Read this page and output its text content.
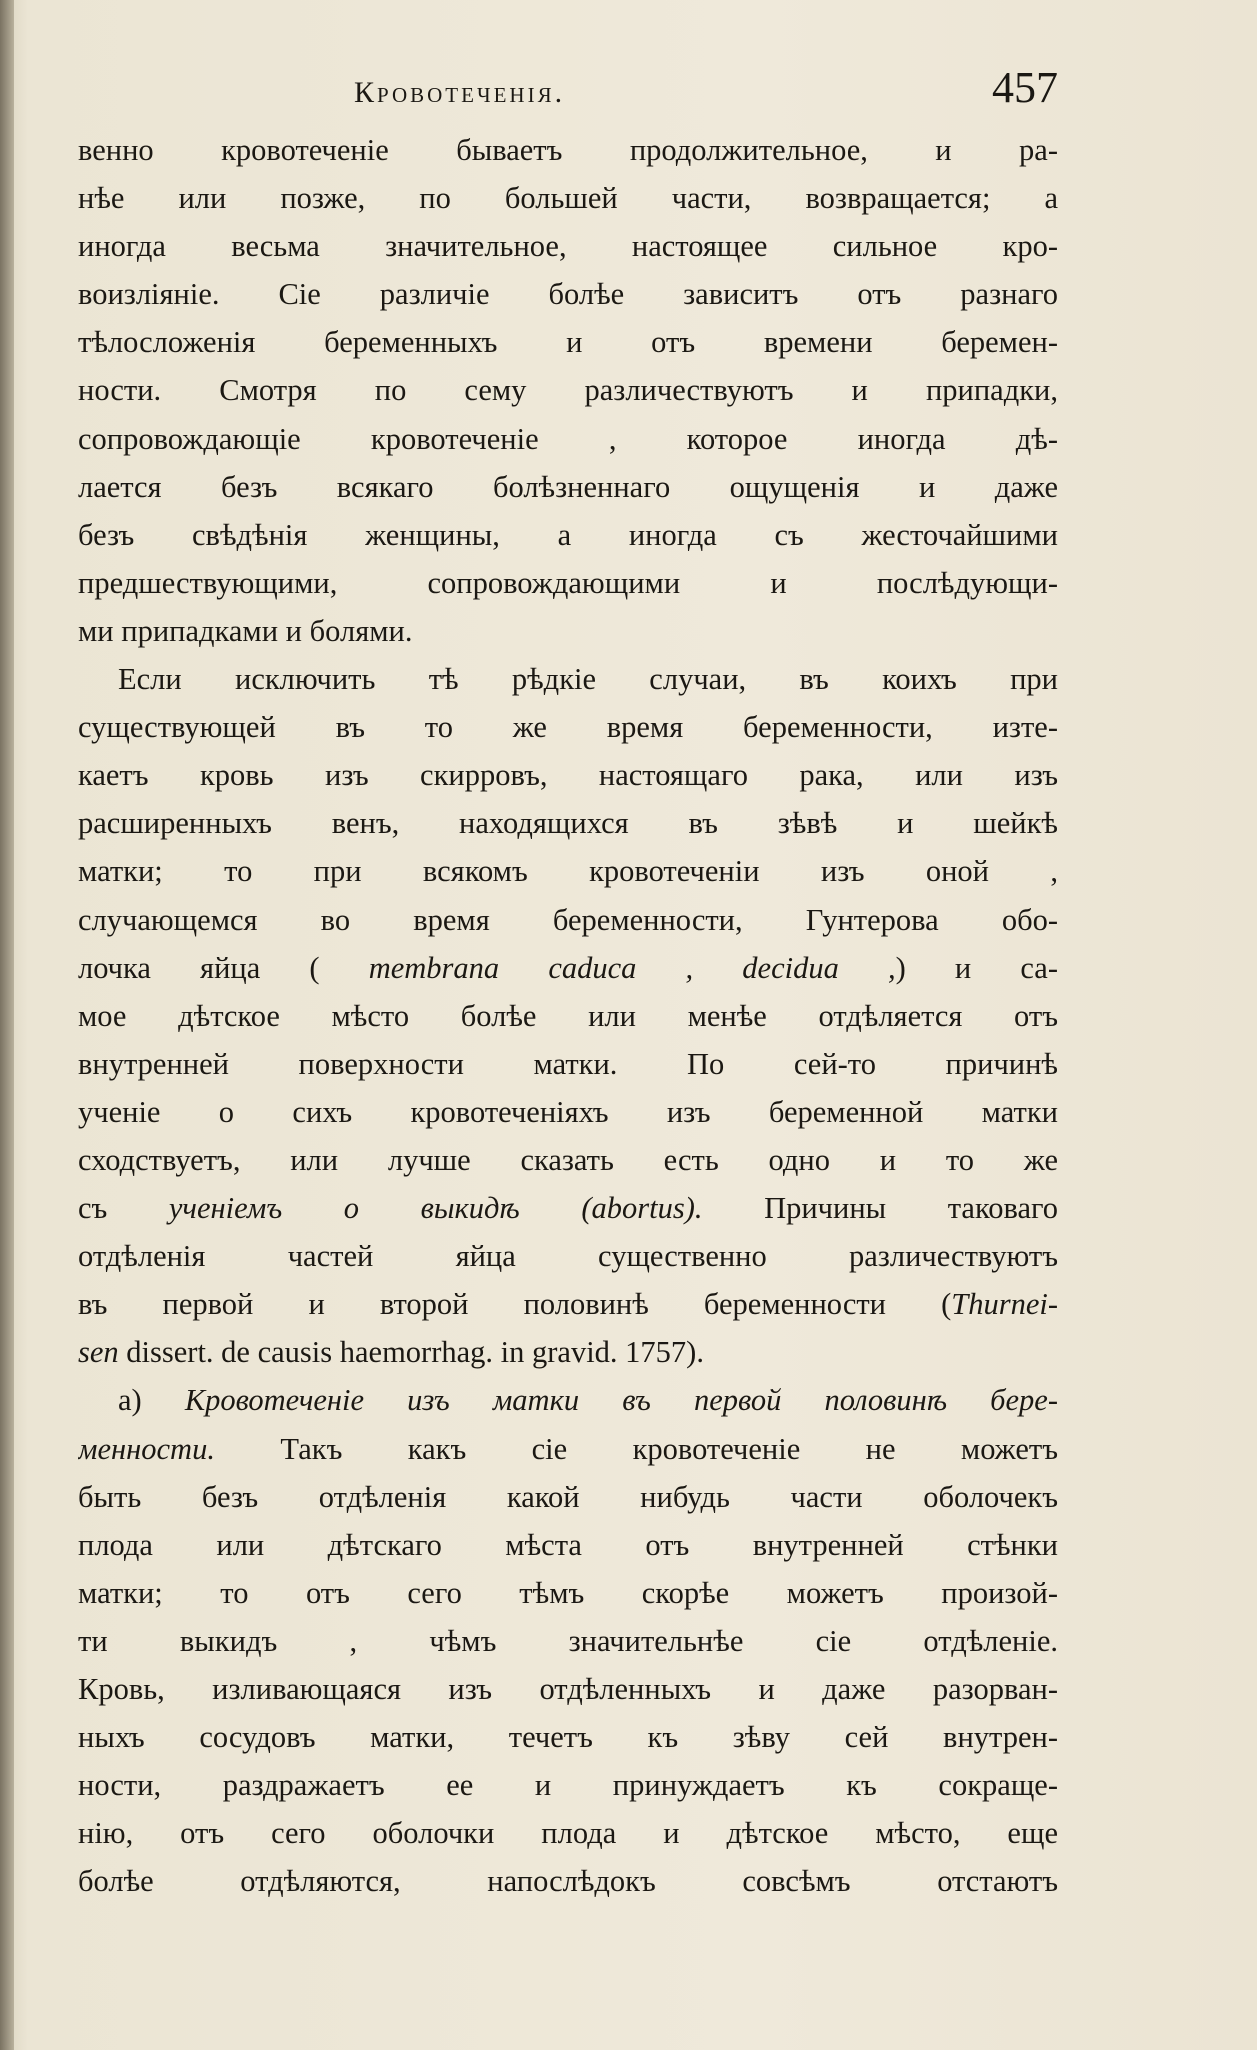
Кровотеченія.	457
венно кровотеченіе бываетъ продолжительное, и ра-
нѣе или позже, по большей части, возвращается; а
иногда весьма значительное, настоящее сильное кро-
воизліяніе. Сіе различіе болѣе зависитъ отъ разнаго
тѣлосложенія беременныхъ и отъ времени беремен-
ности. Смотря по сему различествуютъ и припадки,
сопровождающіе кровотеченіе , которое иногда дѣ-
лается безъ всякаго болѣзненнаго ощущенія и даже
безъ свѣдѣнія женщины, а иногда съ жесточайшими
предшествующими, сопровождающими и послѣдующи-
ми припадками и болями.
Если исключить тѣ рѣдкіе случаи, въ коихъ при
существующей въ то же время беременности, изте-
каетъ кровь изъ скирровъ, настоящаго рака, или изъ
расширенныхъ венъ, находящихся въ зѣвѣ и шейкѣ
матки; то при всякомъ кровотеченіи изъ оной ,
случающемся во время беременности, Гунтерова обо-
лочка яйца ( membrana caduca , decidua ,) и са-
мое дѣтское мѣсто болѣе или менѣе отдѣляется отъ
внутренней поверхности матки. По сей-то причинѣ
ученіе о сихъ кровотеченіяхъ изъ беременной матки
сходствуетъ, или лучше сказать есть одно и то же
съ ученіемъ о выкидѣ (abortus). Причины таковаго
отдѣленія частей яйца существенно различествуютъ
въ первой и второй половинѣ беременности (Thurnei-
sen dissert. de causis haemorrhag. in gravid. 1757).
а) Кровотеченіе изъ матки въ первой половинѣ бере-
менности. Такъ какъ сіе кровотеченіе не можетъ
быть безъ отдѣленія какой нибудь части оболочекъ
плода или дѣтскаго мѣста отъ внутренней стѣнки
матки; то отъ сего тѣмъ скорѣе можетъ произой-
ти выкидъ , чѣмъ значительнѣе сіе отдѣленіе.
Кровь, изливающаяся изъ отдѣленныхъ и даже разорван-
ныхъ сосудовъ матки, течетъ къ зѣву сей внутрен-
ности, раздражаетъ ее и принуждаетъ къ сокраще-
нію, отъ сего оболочки плода и дѣтское мѣсто, еще
болѣе отдѣляются, напослѣдокъ совсѣмъ отстаютъ
